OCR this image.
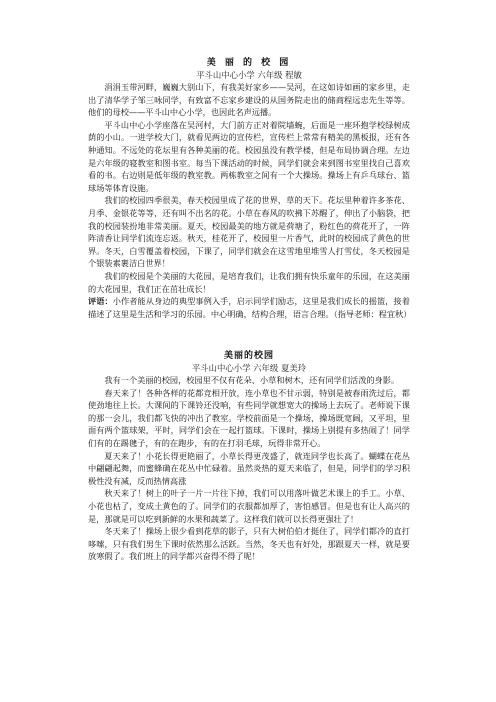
美 丽 的 校 园
平斗山中心小学 六年级 程敏

涓涓玉带河畔，巍巍大别山下，有我美好家乡——吴河，在这如诗如画的家乡里，走出了清华学子邹三咏同学，有致富不忘家乡建设的从国务院走出的储商程远忠先生等等。他们的母校——平斗山中心小学，也因此名声远播。

平斗山中心小学座落在吴河村，大门前方正对着院墙蜿，后面是一座环抱学校绿树成荫的小山。一进学校大门，就看见两边的宣传栏，宣传栏上常常有精美的黑板报，还有各种通知。不远处的花坛里有各种美丽的花。校园虽没有教学楼，但是布局协调合理。左边是六年级的寝教室和图书室。每当下课活动的时候，同学们就会来到图书室里找自己喜欢看的书。右边则是低年级的教室教。两栋教室之间有一个大操场。操场上有乒乓球台、篮球场等体育设施。

我们的校园四季很美，春天校园里成了花的世界，草的天下。花坛里种着许多茶花、月季、金银花等等，还有叫不出名的花。小草在春风的吹拂下苏醒了，伸出了小脑袋，把我的校园装扮地非常美丽。夏天，校园最美的地方就是荷塘了，粉红色的荷花开了，一阵阵清香让同学们流连忘返。秋天，桂花开了，校园里一片香气，此时的校园成了黄色的世界。冬天，白雪覆盖着校园，下课了，同学们就会在这雪地里堆雪人打雪仗，冬天校园是个银装素裹洁白世界！

我们的校园是个美丽的大花园，是培育我们，让我们拥有快乐童年的乐园，在这美丽的大花园里，我们正在茁壮成长！

评语：小作者能从身边的典型事例入手，启示同学们励志，这里是我们成长的摇篮，接着描述了这里是生活和学习的乐园。中心明确，结构合理，语言合理。（指导老师：程宜秋）

美丽的校园
平斗山中心小学 六年级 夏美玲

我有一个美丽的校园，校园里不仅有花朵、小草和树木，还有同学们活泼的身影。

春天来了！各种各样的花都竞相开放，连小草也不甘示弱，特别是被春雨洗过后，都使劲地往上长。大课间的下课铃还没响，有些同学就想宽大的操场上去玩了。老师说下课的那一会儿，我们都飞快的冲出了教室。学校前面是一个操场，操场既宽阔，又平坦，里面有两个篮球架，平时，同学们会在一起打篮球。下课时，操场上别提有多热闹了！同学们有的在踢毽子，有的在跑步，有的在打羽毛球，玩得非常开心。

夏天来了！小花长得更艳丽了，小草长得更茂盛了，就连同学也长高了。蝴蝶在花丛中翩翩起舞，而蜜蜂确在花丛中忙碌着。虽然炎热的夏天来临了，但是，同学们的学习积极性没有减，反而热情高涨

秋天来了！树上的叶子一片一片往下掉，我们可以用落叶做艺术课上的手工。小草、小花也枯了，变成土黄色的了。同学们的衣服都加厚了，害怕感冒。但是也有让人高兴的是，那就是可以吃到新鲜的水果和蔬菜了。这样我们就可以长得更强壮了！

冬天来了！操场上很少看到花草的影子，只有大树伯伯才挺住了，同学们都冷的直打哆嗦，只有我们男生下课时依然那么活跃。当然，冬天也有好处，那跟夏天一样，就是要放寒假了。我们班上的同学都兴奋得不得了呢！
